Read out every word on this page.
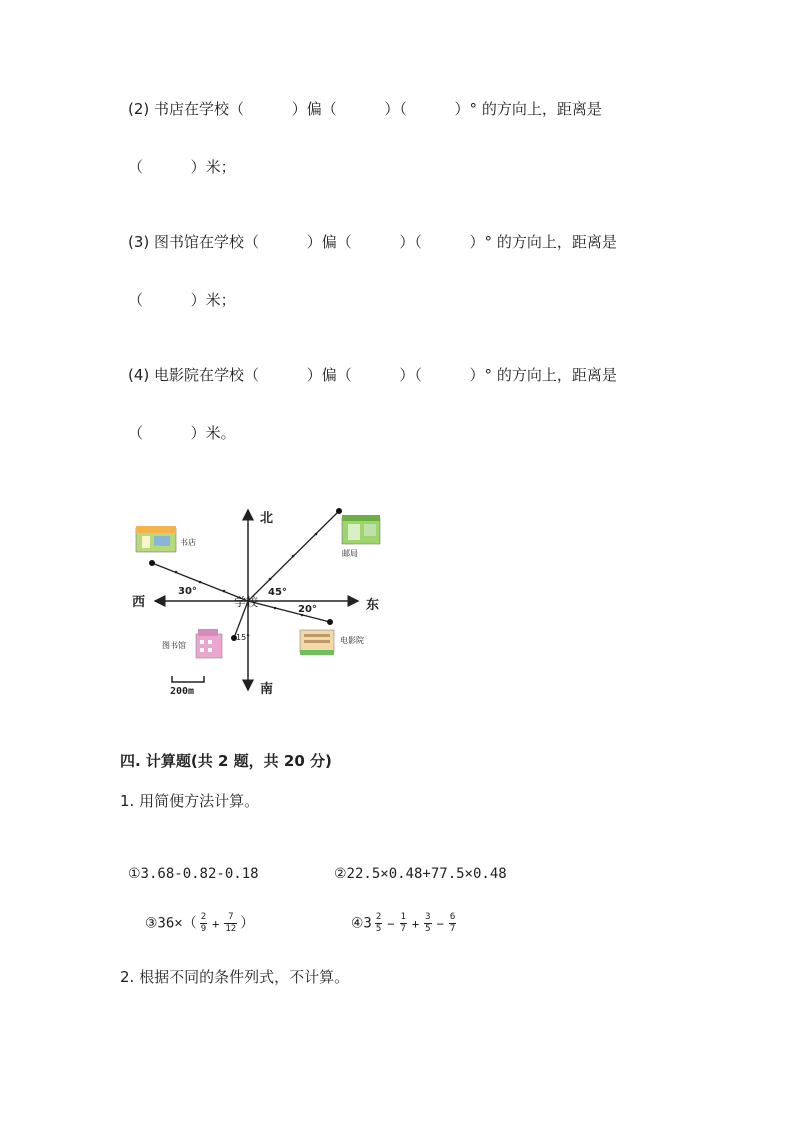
(2) 书店在学校（          ）偏（          ）（          ）° 的方向上，距离是
（          ）米；
(3) 图书馆在学校（          ）偏（          ）（          ）° 的方向上，距离是
（          ）米；
(4) 电影院在学校（          ）偏（          ）（          ）° 的方向上，距离是
（          ）米。
北
南
西	东
学校
书店
邮局
图书馆
电影院
30°	45°
20°
15°
200m
四. 计算题(共 2 题，共 20 分)
1. 用简便方法计算。
①3.68-0.82-0.18	②22.5×0.48+77.5×0.48

③36×（ $\frac{2}{9} + \frac{7}{12}$ ）	④3 $\frac{2}{5} - \frac{1}{7} + \frac{3}{5} - \frac{6}{7}$

2. 根据不同的条件列式，不计算。
